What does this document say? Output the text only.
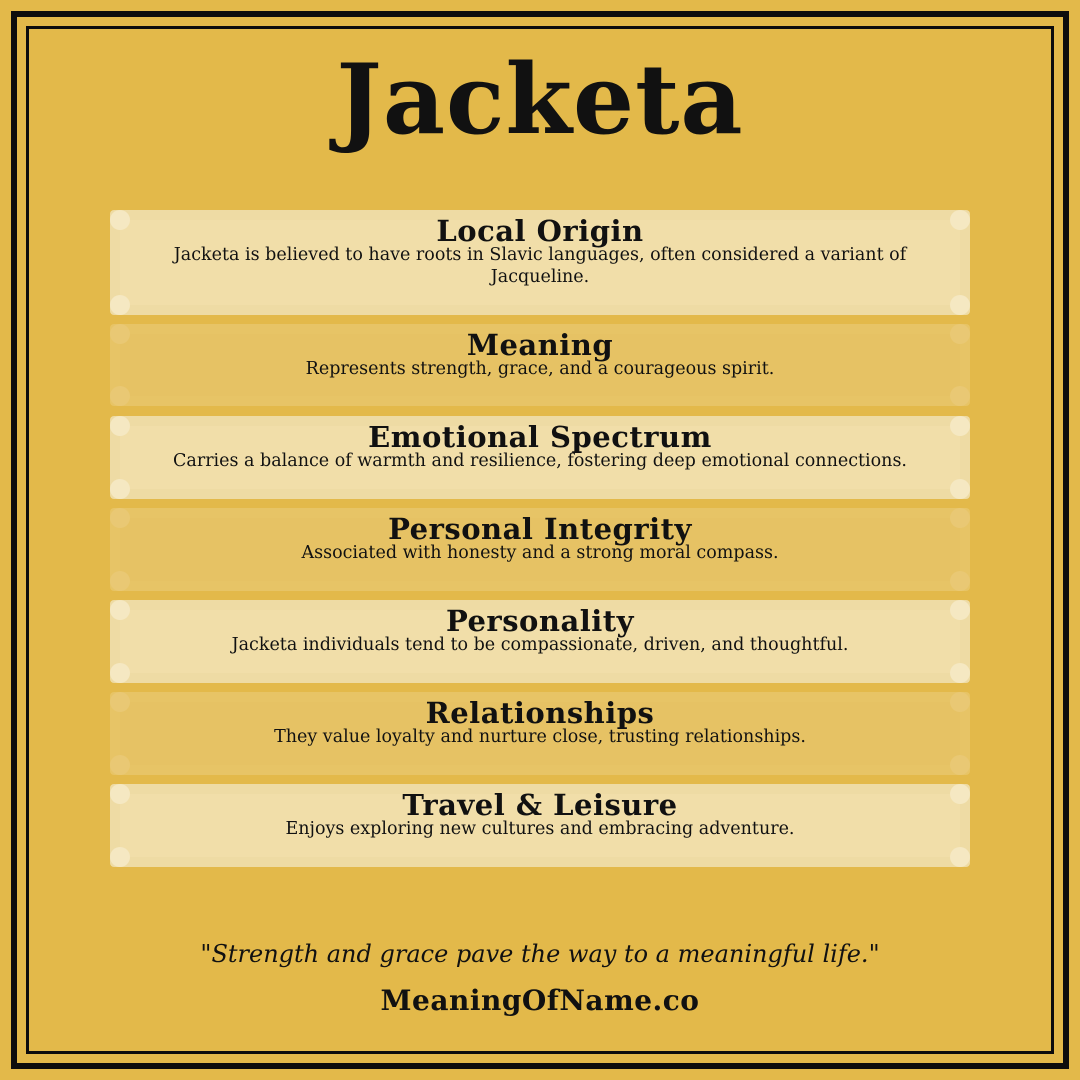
Jacketa
Local Origin
Jacketa is believed to have roots in Slavic languages, often considered a variant of Jacqueline.
Meaning
Represents strength, grace, and a courageous spirit.
Emotional Spectrum
Carries a balance of warmth and resilience, fostering deep emotional connections.
Personal Integrity
Associated with honesty and a strong moral compass.
Personality
Jacketa individuals tend to be compassionate, driven, and thoughtful.
Relationships
They value loyalty and nurture close, trusting relationships.
Travel & Leisure
Enjoys exploring new cultures and embracing adventure.
"Strength and grace pave the way to a meaningful life."
MeaningOfName.co
